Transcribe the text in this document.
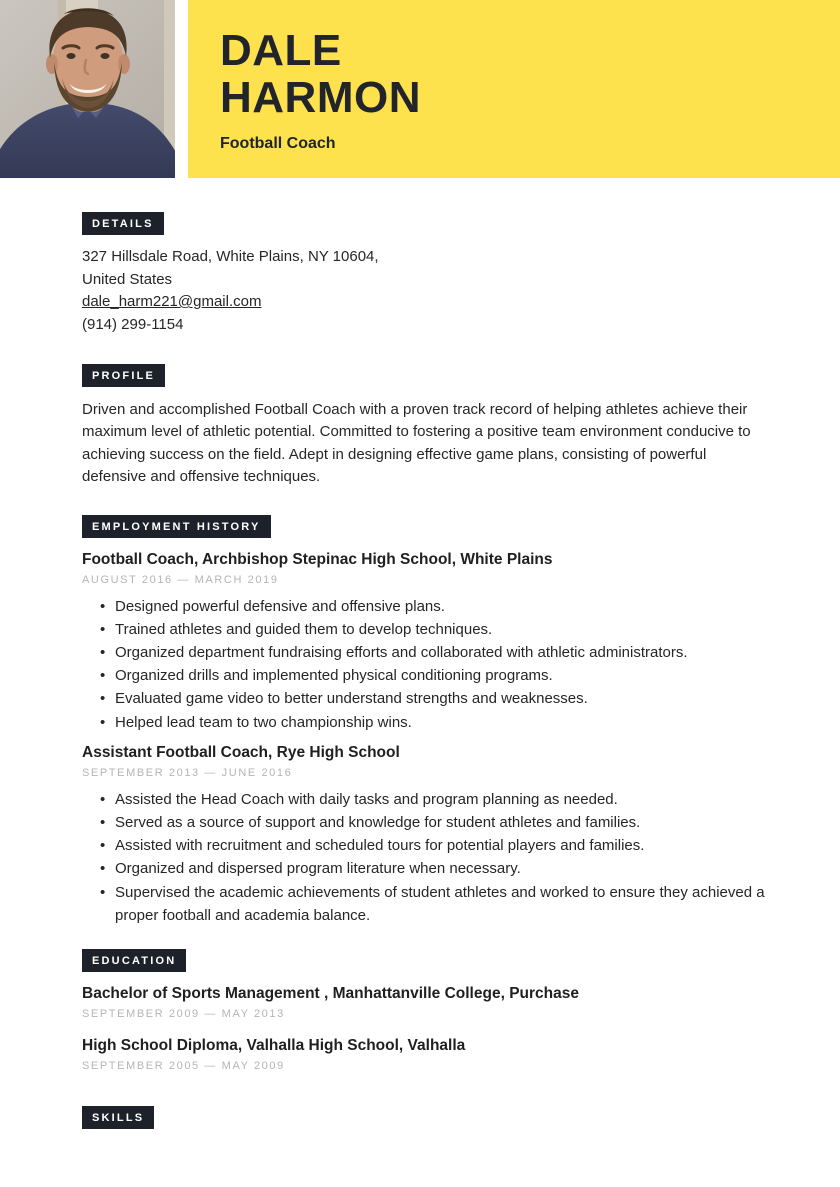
DALE
HARMON
Football Coach
DETAILS
327 Hillsdale Road, White Plains, NY 10604,
United States
dale_harm221@gmail.com
(914) 299-1154
PROFILE

Driven and accomplished Football Coach with a proven track record of helping athletes achieve their maximum level of athletic potential. Committed to fostering a positive team environment conducive to achieving success on the field. Adept in designing effective game plans, consisting of powerful defensive and offensive techniques.

EMPLOYMENT HISTORY
Football Coach, Archbishop Stepinac High School, White Plains
AUGUST 2016 — MARCH 2019
• Designed powerful defensive and offensive plans.
• Trained athletes and guided them to develop techniques.
• Organized department fundraising efforts and collaborated with athletic administrators.
• Organized drills and implemented physical conditioning programs.
• Evaluated game video to better understand strengths and weaknesses.
• Helped lead team to two championship wins.
Assistant Football Coach, Rye High School
SEPTEMBER 2013 — JUNE 2016
• Assisted the Head Coach with daily tasks and program planning as needed.
• Served as a source of support and knowledge for student athletes and families.
• Assisted with recruitment and scheduled tours for potential players and families.
• Organized and dispersed program literature when necessary.
• Supervised the academic achievements of student athletes and worked to ensure they achieved a proper football and academia balance.
EDUCATION
Bachelor of Sports Management , Manhattanville College, Purchase
SEPTEMBER 2009 — MAY 2013
High School Diploma, Valhalla High School, Valhalla
SEPTEMBER 2005 — MAY 2009
SKILLS
